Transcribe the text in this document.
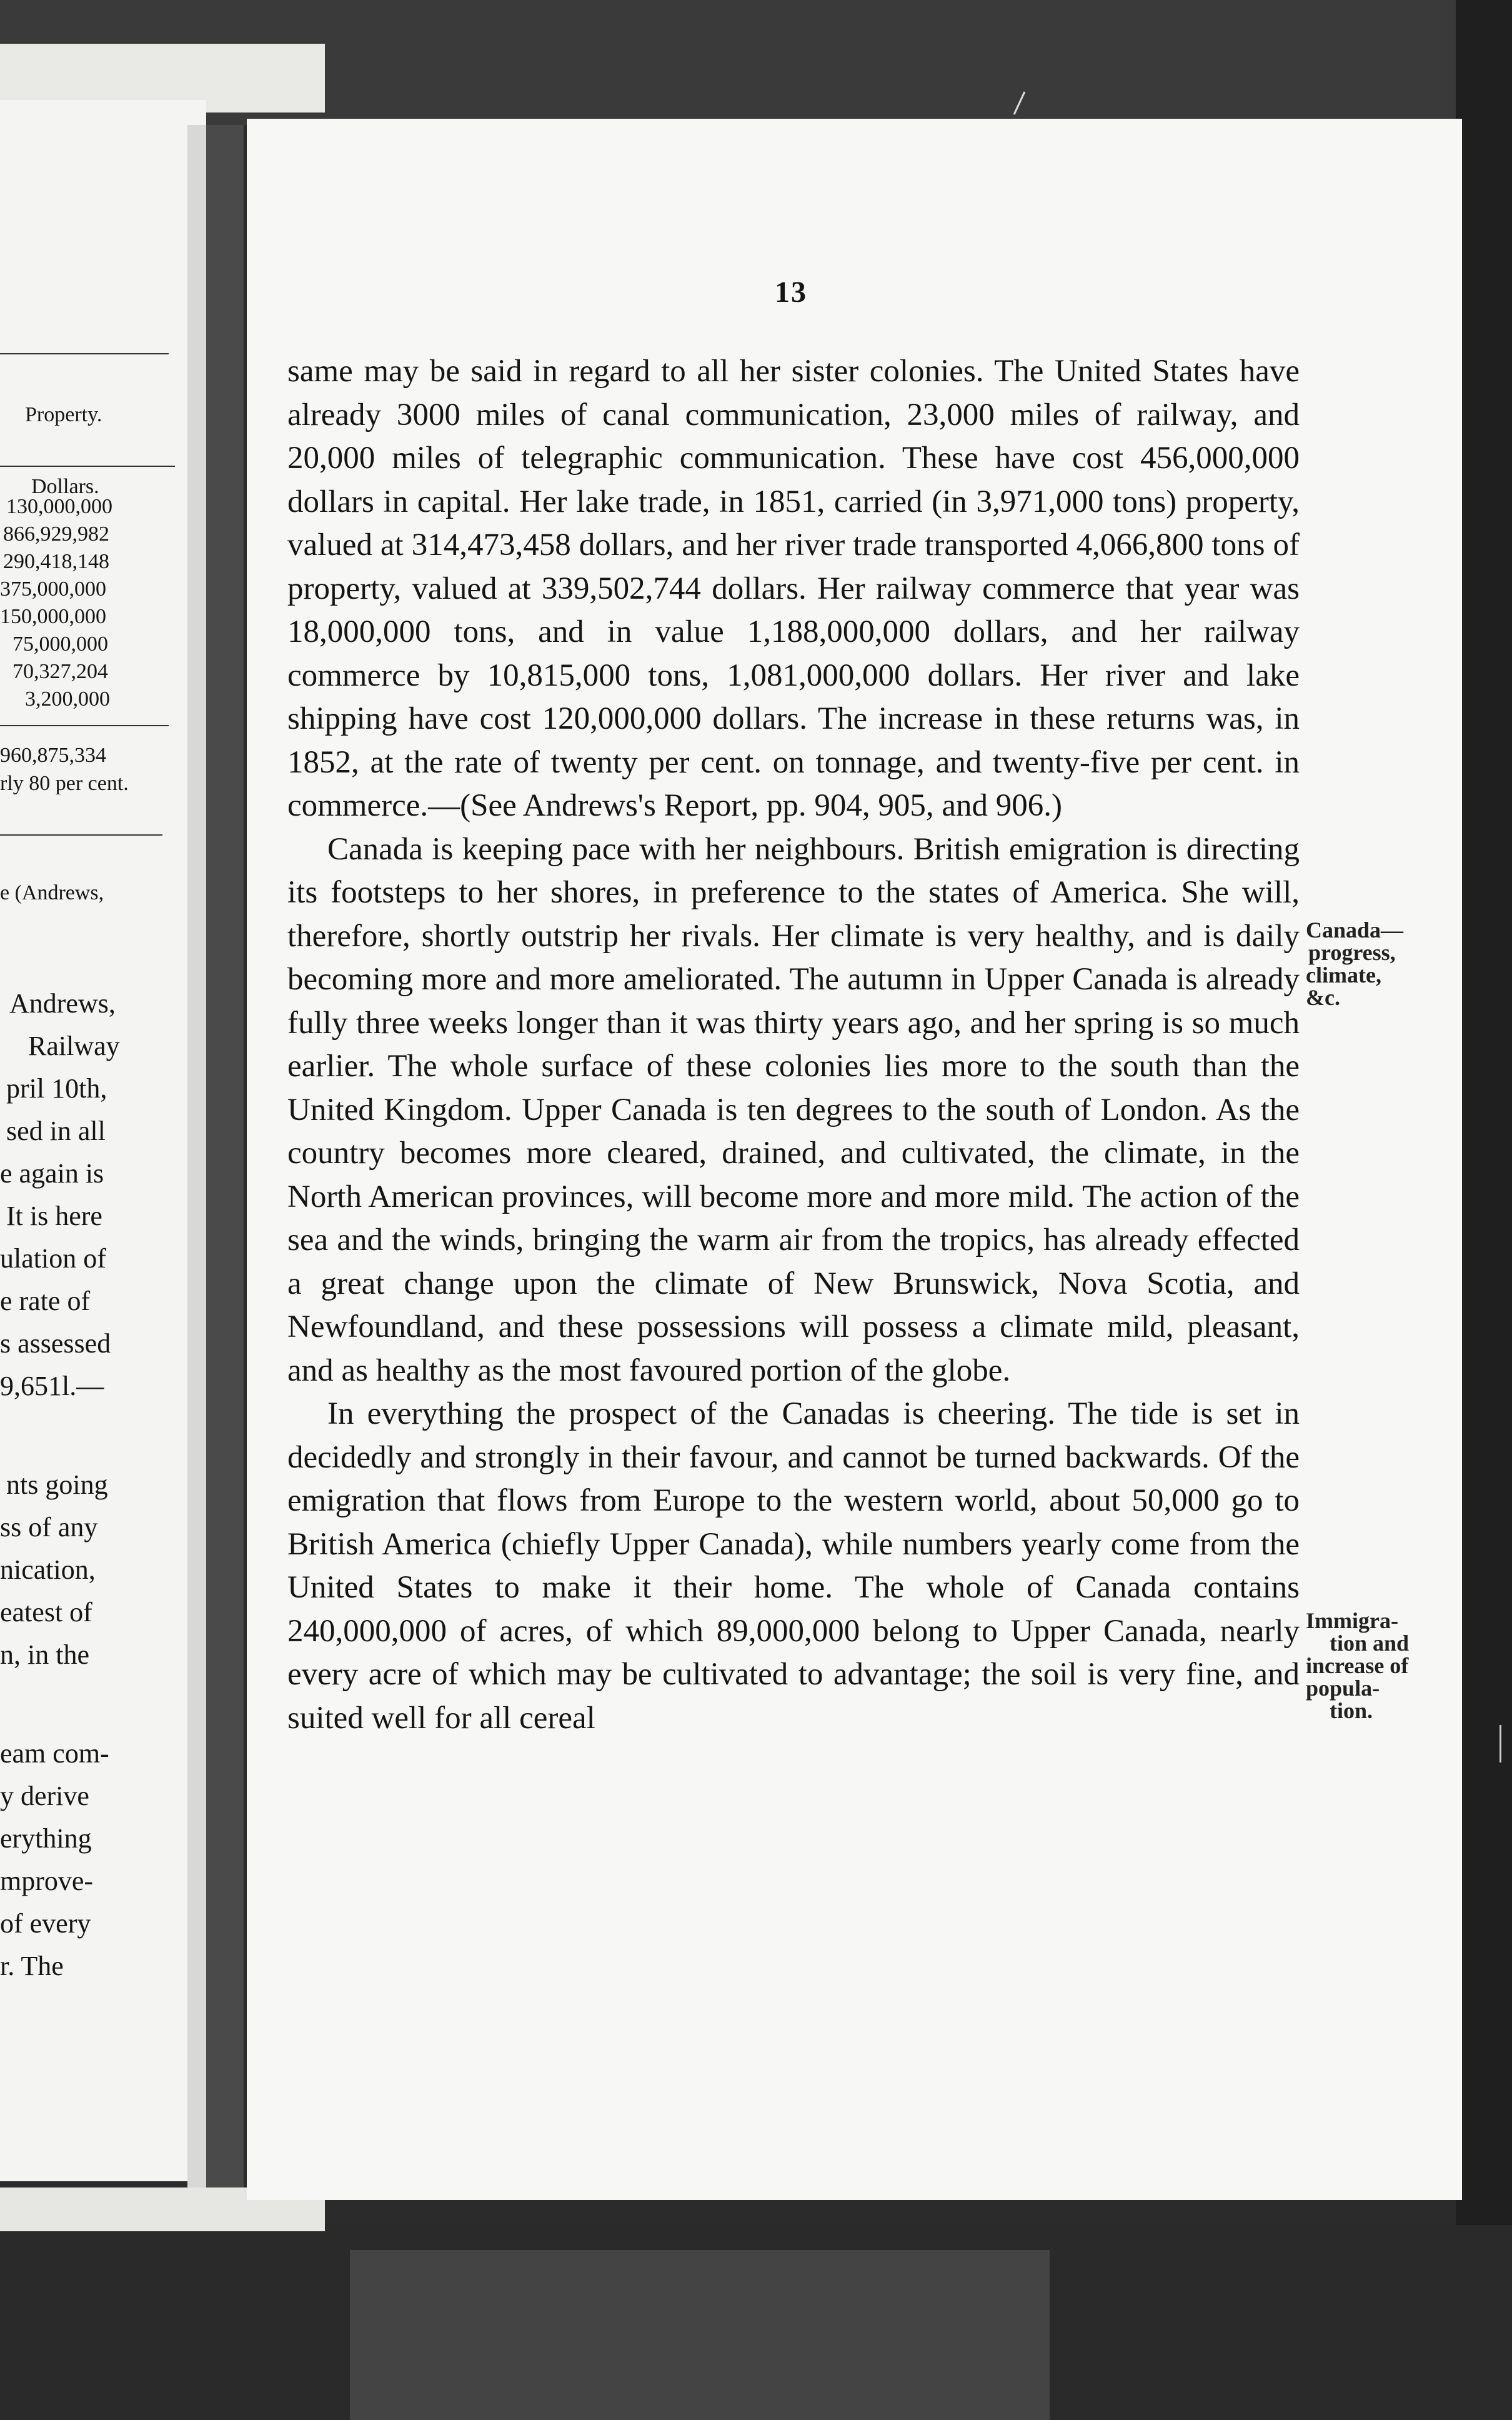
Property.
Dollars.
130,000,000
866,929,982
290,418,148
375,000,000
150,000,000
75,000,000
70,327,204
3,200,000
960,875,334
rly 80 per cent.
e (Andrews,
Andrews,
Railway
pril 10th,
sed in all
e again is
It is here
ulation of
e rate of
s assessed
9,651l.—
nts going
ss of any
nication,
eatest of
n, in the
eam com-
y derive
erything
mprove-
of every
r. The
13

same may be said in regard to all her sister colonies. The United States have already 3000 miles of canal communication, 23,000 miles of railway, and 20,000 miles of telegraphic communication. These have cost 456,000,000 dollars in capital. Her lake trade, in 1851, carried (in 3,971,000 tons) property, valued at 314,473,458 dollars, and her river trade transported 4,066,800 tons of property, valued at 339,502,744 dollars. Her railway commerce that year was 18,000,000 tons, and in value 1,188,000,000 dollars, and her railway commerce by 10,815,000 tons, 1,081,000,000 dollars. Her river and lake shipping have cost 120,000,000 dollars. The increase in these returns was, in 1852, at the rate of twenty per cent. on tonnage, and twenty-five per cent. in commerce.—(See Andrews's Report, pp. 904, 905, and 906.)

Canada is keeping pace with her neighbours. British emigration is directing its footsteps to her shores, in preference to the states of America. She will, therefore, shortly outstrip her rivals. Her climate is very healthy, and is daily becoming more and more ameliorated. The autumn in Upper Canada is already fully three weeks longer than it was thirty years ago, and her spring is so much earlier. The whole surface of these colonies lies more to the south than the United Kingdom. Upper Canada is ten degrees to the south of London. As the country becomes more cleared, drained, and cultivated, the climate, in the North American provinces, will become more and more mild. The action of the sea and the winds, bringing the warm air from the tropics, has already effected a great change upon the climate of New Brunswick, Nova Scotia, and Newfoundland, and these possessions will possess a climate mild, pleasant, and as healthy as the most favoured portion of the globe.

In everything the prospect of the Canadas is cheering. The tide is set in decidedly and strongly in their favour, and cannot be turned backwards. Of the emigration that flows from Europe to the western world, about 50,000 go to British America (chiefly Upper Canada), while numbers yearly come from the United States to make it their home. The whole of Canada contains 240,000,000 of acres, of which 89,000,000 belong to Upper Canada, nearly every acre of which may be cultivated to advantage; the soil is very fine, and suited well for all cereal

Canada—
progress,
climate,
&c.
Immigra-
tion and
increase of
popula-
tion.
